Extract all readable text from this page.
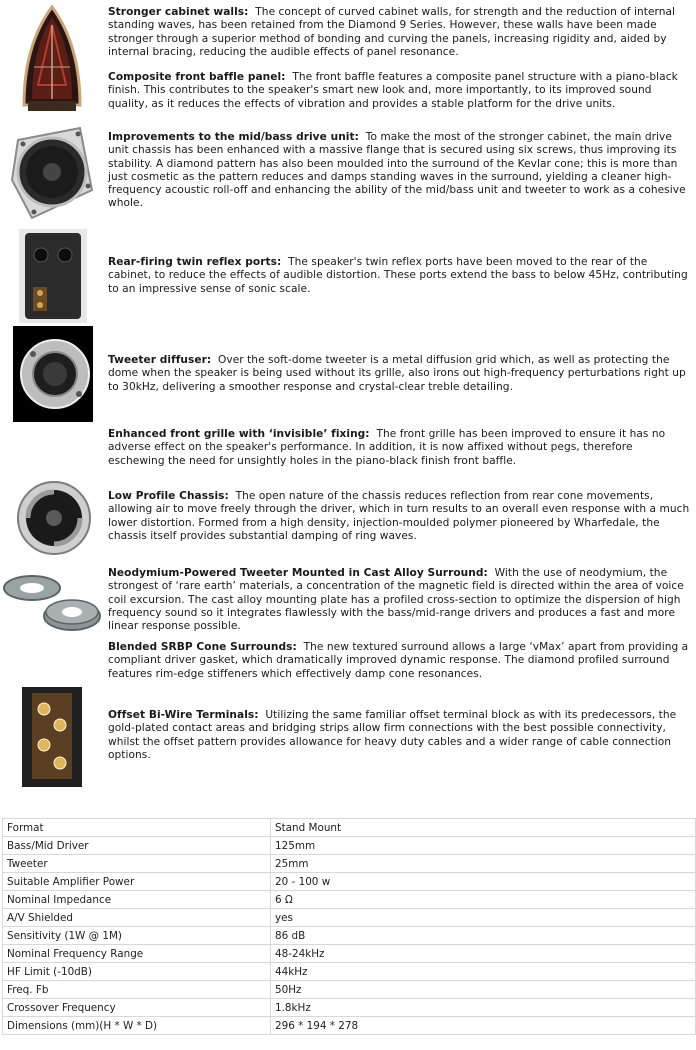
Stronger cabinet walls: The concept of curved cabinet walls, for strength and the reduction of internal standing waves, has been retained from the Diamond 9 Series. However, these walls have been made stronger through a superior method of bonding and curving the panels, increasing rigidity and, aided by internal bracing, reducing the audible effects of panel resonance.
Composite front baffle panel: The front baffle features a composite panel structure with a piano-black finish. This contributes to the speaker's smart new look and, more importantly, to its improved sound quality, as it reduces the effects of vibration and provides a stable platform for the drive units.
Improvements to the mid/bass drive unit: To make the most of the stronger cabinet, the main drive unit chassis has been enhanced with a massive flange that is secured using six screws, thus improving its stability. A diamond pattern has also been moulded into the surround of the Kevlar cone; this is more than just cosmetic as the pattern reduces and damps standing waves in the surround, yielding a cleaner high-frequency acoustic roll-off and enhancing the ability of the mid/bass unit and tweeter to work as a cohesive whole.
Rear-firing twin reflex ports: The speaker's twin reflex ports have been moved to the rear of the cabinet, to reduce the effects of audible distortion. These ports extend the bass to below 45Hz, contributing to an impressive sense of sonic scale.
Tweeter diffuser: Over the soft-dome tweeter is a metal diffusion grid which, as well as protecting the dome when the speaker is being used without its grille, also irons out high-frequency perturbations right up to 30kHz, delivering a smoother response and crystal-clear treble detailing.
Enhanced front grille with ‘invisible’ fixing: The front grille has been improved to ensure it has no adverse effect on the speaker's performance. In addition, it is now affixed without pegs, therefore eschewing the need for unsightly holes in the piano-black finish front baffle.
Low Profile Chassis: The open nature of the chassis reduces reflection from rear cone movements, allowing air to move freely through the driver, which in turn results to an overall even response with a much lower distortion. Formed from a high density, injection-moulded polymer pioneered by Wharfedale, the chassis itself provides substantial damping of ring waves.
Neodymium-Powered Tweeter Mounted in Cast Alloy Surround: With the use of neodymium, the strongest of ‘rare earth’ materials, a concentration of the magnetic field is directed within the area of voice coil excursion. The cast alloy mounting plate has a profiled cross-section to optimize the dispersion of high frequency sound so it integrates flawlessly with the bass/mid-range drivers and produces a fast and more linear response possible.
Blended SRBP Cone Surrounds: The new textured surround allows a large ‘vMax’ apart from providing a compliant driver gasket, which dramatically improved dynamic response. The diamond profiled surround features rim-edge stiffeners which effectively damp cone resonances.
Offset Bi-Wire Terminals: Utilizing the same familiar offset terminal block as with its predecessors, the gold-plated contact areas and bridging strips allow firm connections with the best possible connectivity, whilst the offset pattern provides allowance for heavy duty cables and a wider range of cable connection options.
Format	Stand Mount
Bass/Mid Driver	125mm
Tweeter	25mm
Suitable Amplifier Power	20 - 100 w
Nominal Impedance	6 Ω
A/V Shielded	yes
Sensitivity (1W @ 1M)	86 dB
Nominal Frequency Range	48-24kHz
HF Limit (-10dB)	44kHz
Freq. Fb	50Hz
Crossover Frequency	1.8kHz
Dimensions (mm)(H * W * D)	296 * 194 * 278
